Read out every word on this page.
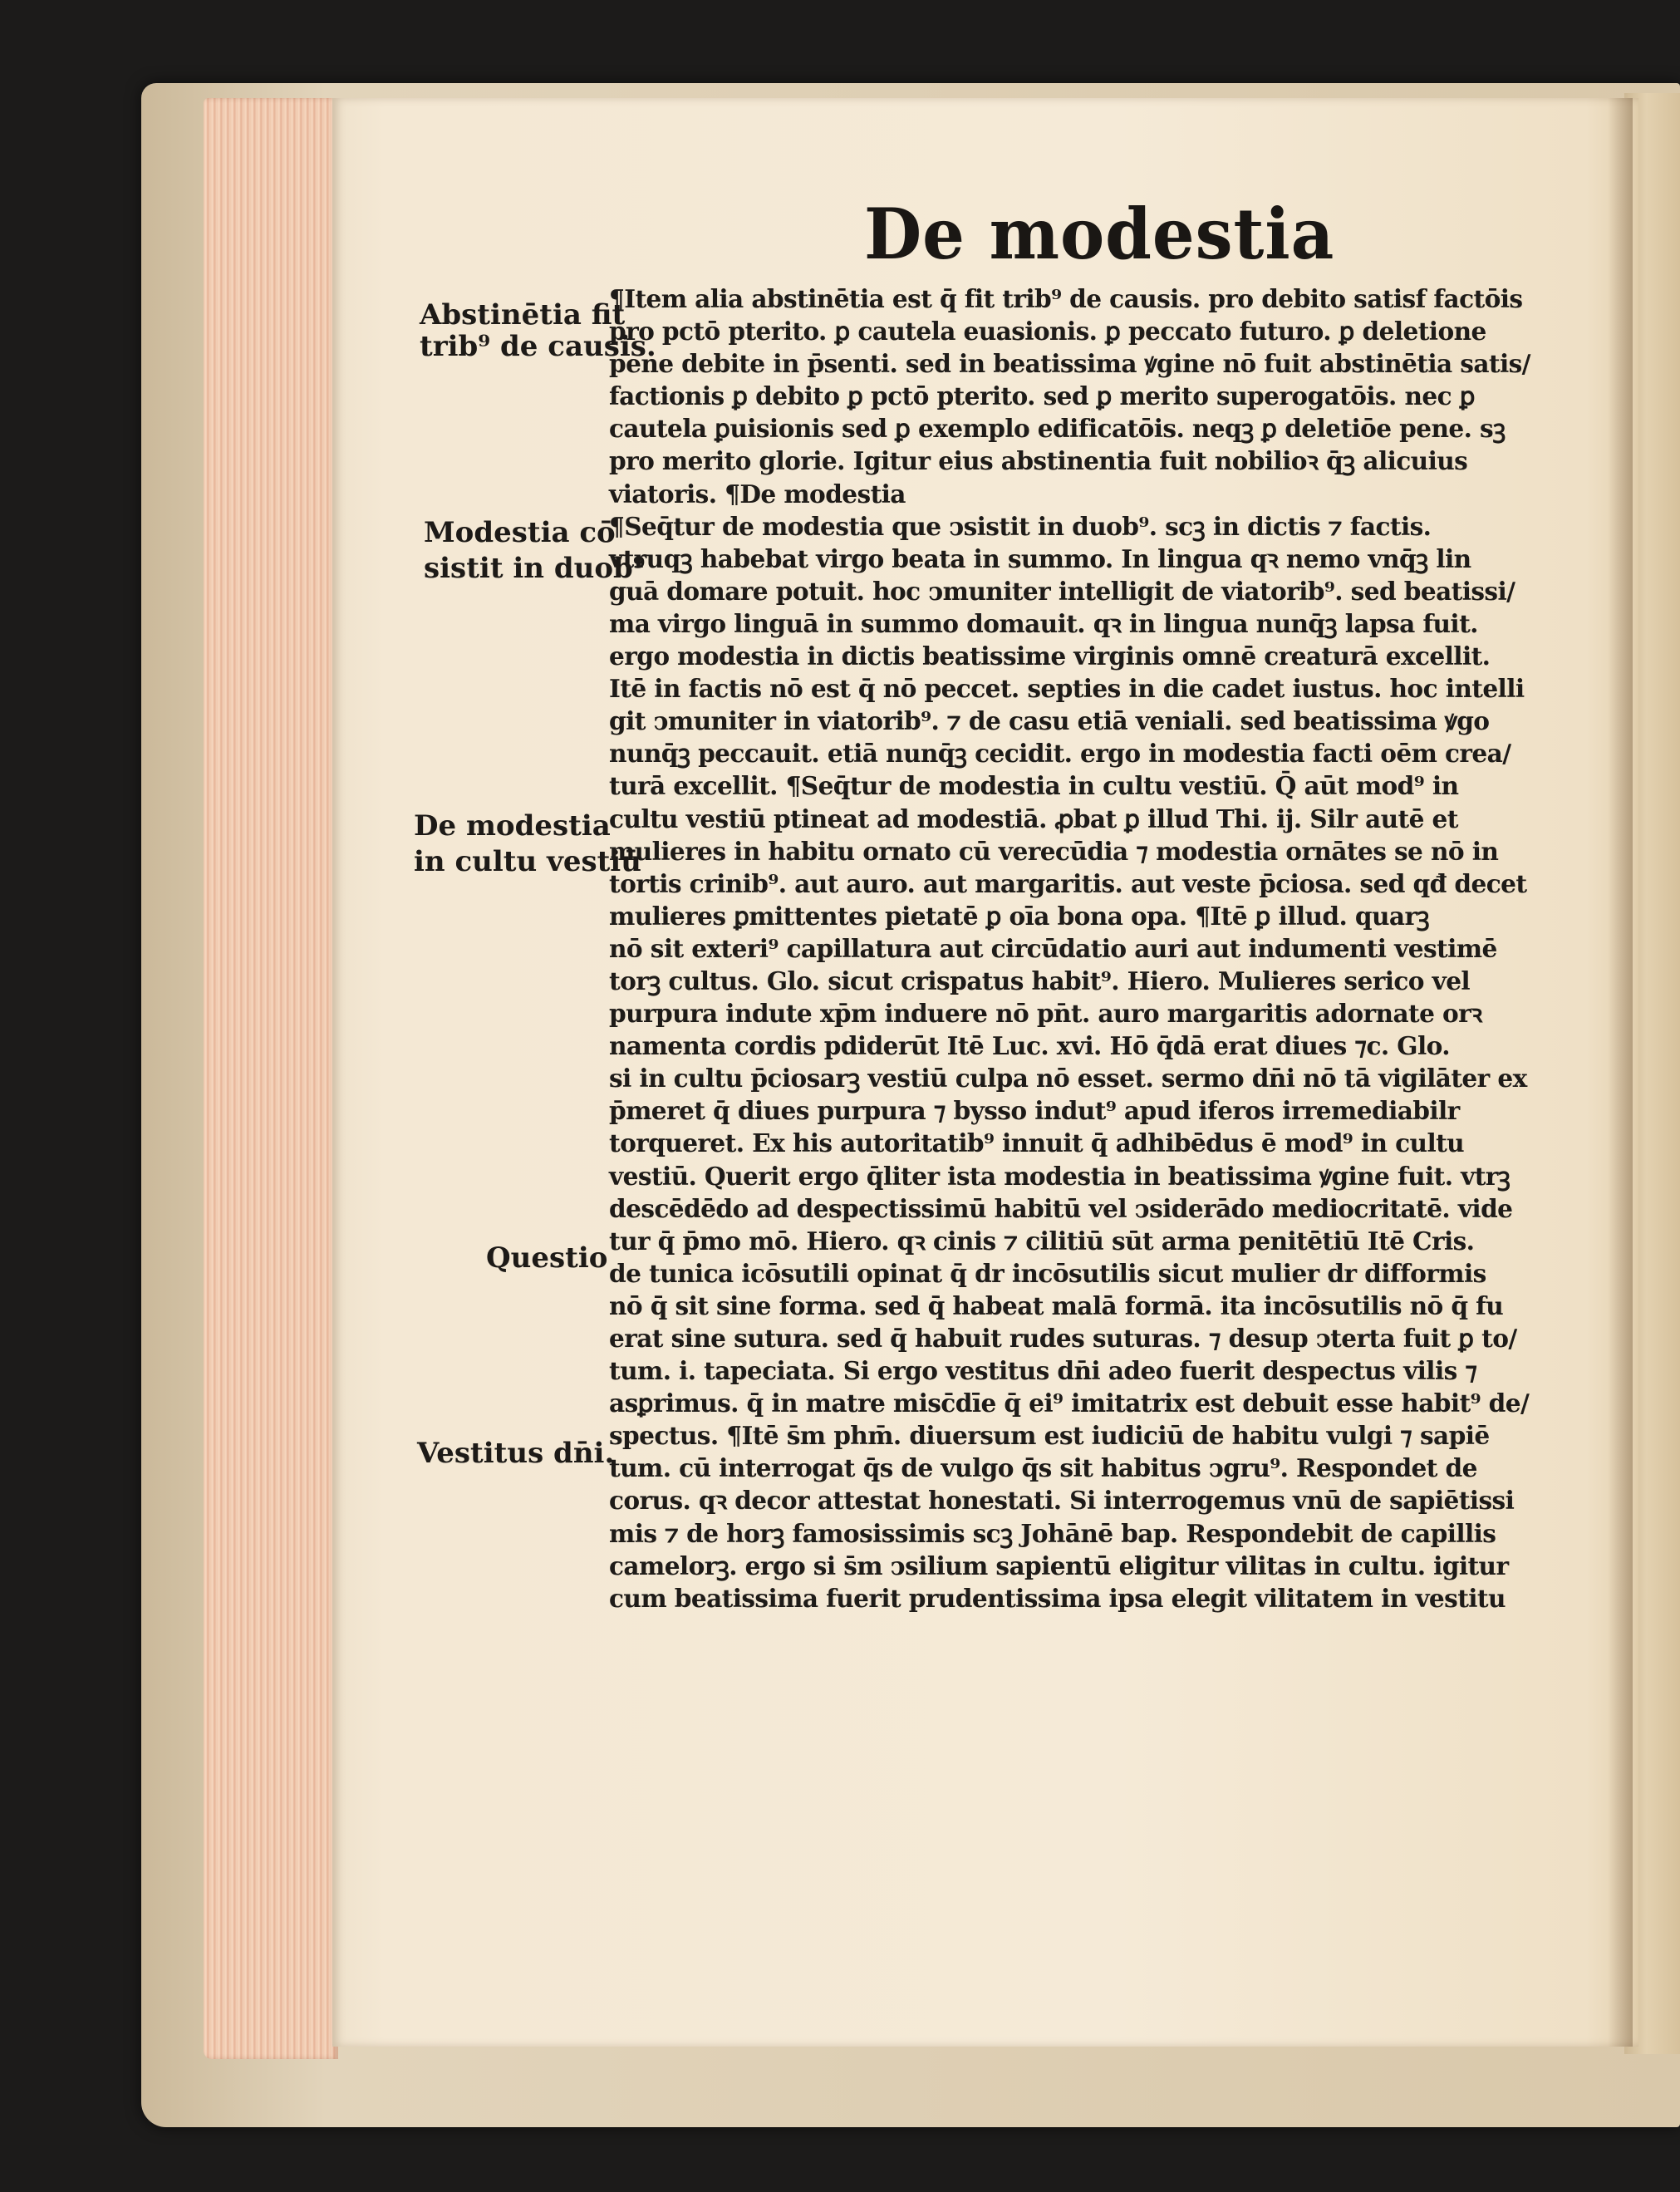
De modestia
Abstinētia fit
trib⁹ de causis.
Modestia cō
sistit in duob⁹
De modestia
in cultu vestiū
Questio
Vestitus dn̄i.
¶Item alia abstinētia est q̄ fit trib⁹ de causis. pro debito satisf factōis
pro pctō pterito. ꝑ cautela euasionis. ꝑ peccato futuro. ꝑ deletione
pene debite in p̄senti. sed in beatissima ꝟgine nō fuit abstinētia satis/
factionis ꝑ debito ꝑ pctō pterito. sed ꝑ merito superogatōis. nec ꝑ
cautela ꝑuisionis sed ꝑ exemplo edificatōis. neqꝫ ꝑ deletiōe pene. sꝫ
pro merito glorie. Igitur eius abstinentia fuit nobilioꝛ q̄ꝫ alicuius
viatoris. ¶De modestia
¶Seq̄tur de modestia que ↄsistit in duob⁹. scꝫ in dictis ⁊ factis.
vtruqꝫ habebat virgo beata in summo. In lingua qꝛ nemo vnq̄ꝫ lin
guā domare potuit. hoc ↄmuniter intelligit de viatorib⁹. sed beatissi/
ma virgo linguā in summo domauit. qꝛ in lingua nunq̄ꝫ lapsa fuit.
ergo modestia in dictis beatissime virginis omnē creaturā excellit.
Itē in factis nō est q̄ nō peccet. septies in die cadet iustus. hoc intelli
git ↄmuniter in viatorib⁹. ⁊ de casu etiā veniali. sed beatissima ꝟgo
nunq̄ꝫ peccauit. etiā nunq̄ꝫ cecidit. ergo in modestia facti oēm crea/
turā excellit. ¶Seq̄tur de modestia in cultu vestiū. Q̄ aūt mod⁹ in
cultu vestiū ptineat ad modestiā. ꝓbat ꝑ illud Thi. ij. Silr autē et
mulieres in habitu ornato cū verecūdia ⁊ modestia ornātes se nō in
tortis crinib⁹. aut auro. aut margaritis. aut veste p̄ciosa. sed qđ decet
mulieres ꝑmittentes pietatē ꝑ oīa bona opa. ¶Itē ꝑ illud. quarꝫ
nō sit exteri⁹ capillatura aut circūdatio auri aut indumenti vestimē
torꝫ cultus. Glo. sicut crispatus habit⁹. Hiero. Mulieres serico vel
purpura indute xp̄m induere nō pn̄t. auro margaritis adornate orꝛ
namenta cordis pdiderūt Itē Luc. xvi. Hō q̄dā erat diues ⁊c. Glo.
si in cultu p̄ciosarꝫ vestiū culpa nō esset. sermo dn̄i nō tā vigilāter ex
p̄meret q̄ diues purpura ⁊ bysso indut⁹ apud iferos irremediabilr
torqueret. Ex his autoritatib⁹ innuit q̄ adhibēdus ē mod⁹ in cultu
vestiū. Querit ergo q̄liter ista modestia in beatissima ꝟgine fuit. vtrꝫ
descēdēdo ad despectissimū habitū vel ↄsiderādo mediocritatē. vide
tur q̄ p̄mo mō. Hiero. qꝛ cinis ⁊ cilitiū sūt arma penitētiū Itē Cris.
de tunica icōsutili opinat q̄ dr incōsutilis sicut mulier dr difformis
nō q̄ sit sine forma. sed q̄ habeat malā formā. ita incōsutilis nō q̄ fu
erat sine sutura. sed q̄ habuit rudes suturas. ⁊ desup ↄterta fuit ꝑ to/
tum. i. tapeciata. Si ergo vestitus dn̄i adeo fuerit despectus vilis ⁊
asꝑrimus. q̄ in matre misc̄dīe q̄ ei⁹ imitatrix est debuit esse habit⁹ de/
spectus. ¶Itē s̄m phm̄. diuersum est iudiciū de habitu vulgi ⁊ sapiē
tum. cū interrogat q̄s de vulgo q̄s sit habitus ↄgru⁹. Respondet de
corus. qꝛ decor attestat honestati. Si interrogemus vnū de sapiētissi
mis ⁊ de horꝫ famosissimis scꝫ Johānē bap. Respondebit de capillis
camelorꝫ. ergo si s̄m ↄsilium sapientū eligitur vilitas in cultu. igitur
cum beatissima fuerit prudentissima ipsa elegit vilitatem in vestitu
